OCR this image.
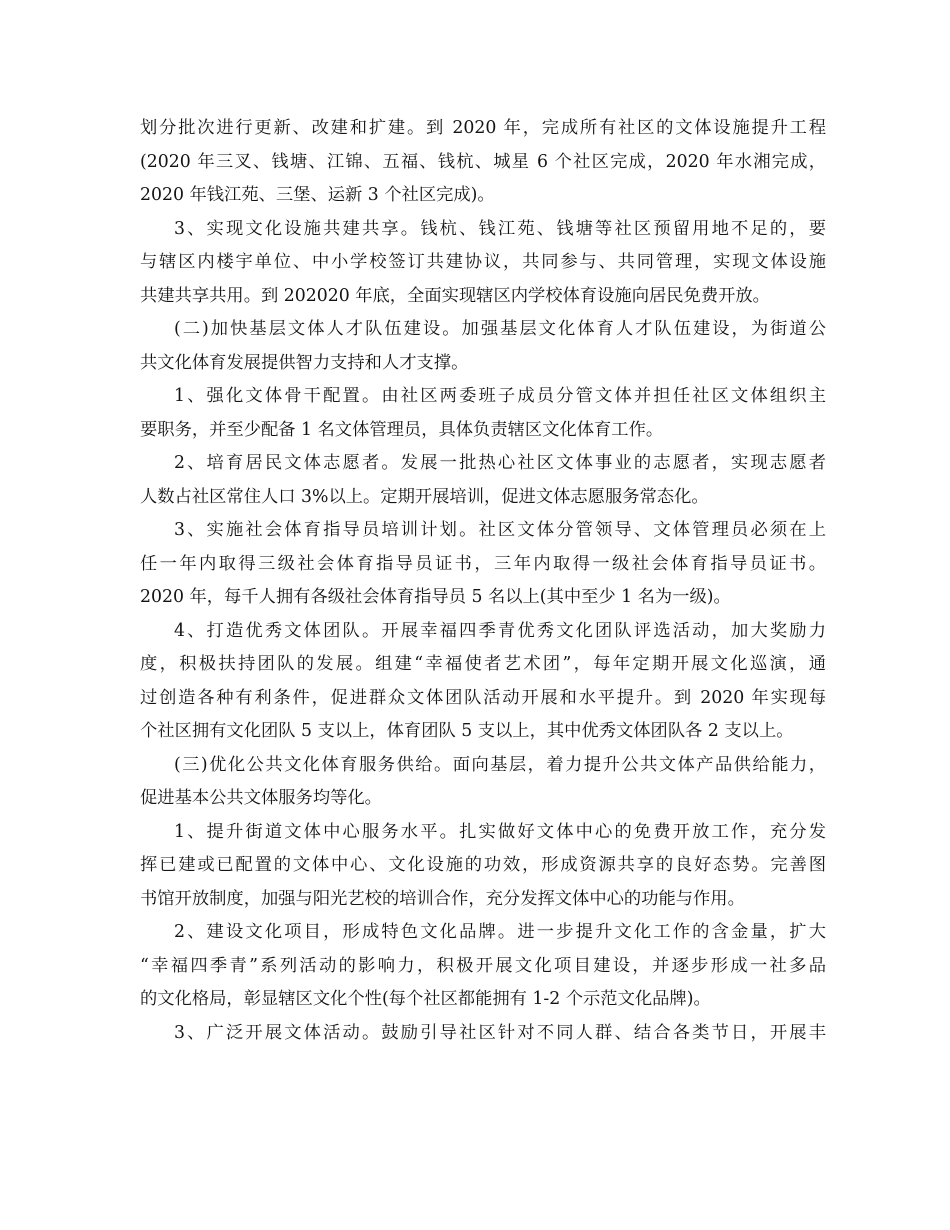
划分批次进行更新、改建和扩建。到 2020 年，完成所有社区的文体设施提升工程
(2020 年三叉、钱塘、江锦、五福、钱杭、城星 6 个社区完成，2020 年水湘完成，
2020 年钱江苑、三堡、运新 3 个社区完成)。
3、实现文化设施共建共享。钱杭、钱江苑、钱塘等社区预留用地不足的，要
与辖区内楼宇单位、中小学校签订共建协议，共同参与、共同管理，实现文体设施
共建共享共用。到 202020 年底，全面实现辖区内学校体育设施向居民免费开放。
(二)加快基层文体人才队伍建设。加强基层文化体育人才队伍建设，为街道公
共文化体育发展提供智力支持和人才支撑。
1、强化文体骨干配置。由社区两委班子成员分管文体并担任社区文体组织主
要职务，并至少配备 1 名文体管理员，具体负责辖区文化体育工作。
2、培育居民文体志愿者。发展一批热心社区文体事业的志愿者，实现志愿者
人数占社区常住人口 3%以上。定期开展培训，促进文体志愿服务常态化。
3、实施社会体育指导员培训计划。社区文体分管领导、文体管理员必须在上
任一年内取得三级社会体育指导员证书，三年内取得一级社会体育指导员证书。
2020 年，每千人拥有各级社会体育指导员 5 名以上(其中至少 1 名为一级)。
4、打造优秀文体团队。开展幸福四季青优秀文化团队评选活动，加大奖励力
度，积极扶持团队的发展。组建“幸福使者艺术团”，每年定期开展文化巡演，通
过创造各种有利条件，促进群众文体团队活动开展和水平提升。到 2020 年实现每
个社区拥有文化团队 5 支以上，体育团队 5 支以上，其中优秀文体团队各 2 支以上。
(三)优化公共文化体育服务供给。面向基层，着力提升公共文体产品供给能力，
促进基本公共文体服务均等化。
1、提升街道文体中心服务水平。扎实做好文体中心的免费开放工作，充分发
挥已建或已配置的文体中心、文化设施的功效，形成资源共享的良好态势。完善图
书馆开放制度，加强与阳光艺校的培训合作，充分发挥文体中心的功能与作用。
2、建设文化项目，形成特色文化品牌。进一步提升文化工作的含金量，扩大
“幸福四季青”系列活动的影响力，积极开展文化项目建设，并逐步形成一社多品
的文化格局，彰显辖区文化个性(每个社区都能拥有 1-2 个示范文化品牌)。
3、广泛开展文体活动。鼓励引导社区针对不同人群、结合各类节日，开展丰
